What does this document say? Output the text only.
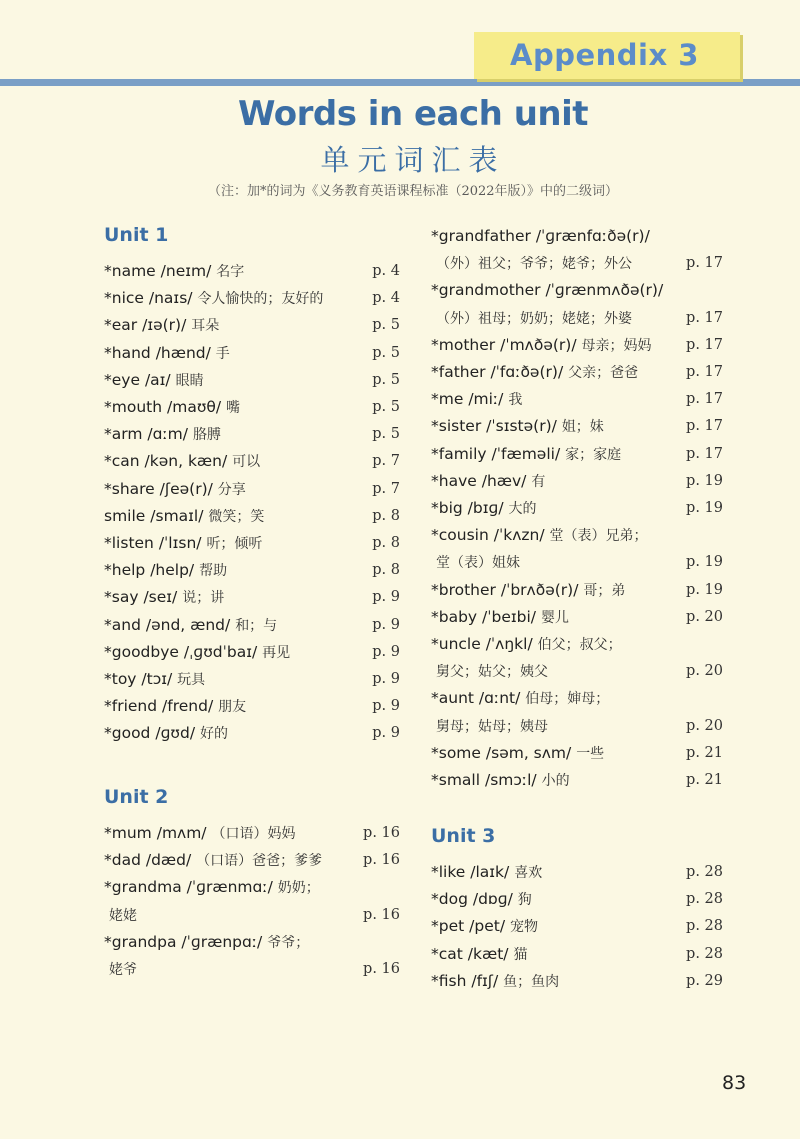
Appendix 3
Words in each unit
单元词汇表
（注：加*的词为《义务教育英语课程标准（2022年版）》中的二级词）
Unit 1
*name /neɪm/ 名字	p. 4
*nice /naɪs/ 令人愉快的；友好的	p. 4
*ear /ɪə(r)/ 耳朵	p. 5
*hand /hænd/ 手	p. 5
*eye /aɪ/ 眼睛	p. 5
*mouth /maʊθ/ 嘴	p. 5
*arm /ɑːm/ 胳膊	p. 5
*can /kən, kæn/ 可以	p. 7
*share /ʃeə(r)/ 分享	p. 7
smile /smaɪl/ 微笑；笑	p. 8
*listen /ˈlɪsn/ 听；倾听	p. 8
*help /help/ 帮助	p. 8
*say /seɪ/ 说；讲	p. 9
*and /ənd, ænd/ 和；与	p. 9
*goodbye /ˌɡʊdˈbaɪ/ 再见	p. 9
*toy /tɔɪ/ 玩具	p. 9
*friend /frend/ 朋友	p. 9
*good /ɡʊd/ 好的	p. 9
Unit 2
*mum /mʌm/ （口语）妈妈	p. 16
*dad /dæd/ （口语）爸爸；爹爹	p. 16
*grandma /ˈɡrænmɑː/ 奶奶；
姥姥	p. 16
*grandpa /ˈɡrænpɑː/ 爷爷；
姥爷	p. 16
*grandfather /ˈɡrænfɑːðə(r)/
（外）祖父；爷爷；姥爷；外公	p. 17
*grandmother /ˈɡrænmʌðə(r)/
（外）祖母；奶奶；姥姥；外婆	p. 17
*mother /ˈmʌðə(r)/ 母亲；妈妈 p. 17
*father /ˈfɑːðə(r)/ 父亲；爸爸	p. 17
*me /miː/ 我	p. 17
*sister /ˈsɪstə(r)/ 姐；妹	p. 17
*family /ˈfæməli/ 家；家庭	p. 17
*have /hæv/ 有	p. 19
*big /bɪɡ/ 大的	p. 19
*cousin /ˈkʌzn/ 堂（表）兄弟；
堂（表）姐妹	p. 19
*brother /ˈbrʌðə(r)/ 哥；弟	p. 19
*baby /ˈbeɪbi/ 婴儿	p. 20
*uncle /ˈʌŋkl/ 伯父；叔父；
舅父；姑父；姨父	p. 20
*aunt /ɑːnt/ 伯母；婶母；
舅母；姑母；姨母	p. 20
*some /səm, sʌm/ 一些	p. 21
*small /smɔːl/ 小的	p. 21
Unit 3
*like /laɪk/ 喜欢	p. 28
*dog /dɒɡ/ 狗	p. 28
*pet /pet/ 宠物	p. 28
*cat /kæt/ 猫	p. 28
*fish /fɪʃ/ 鱼；鱼肉	p. 29
83
